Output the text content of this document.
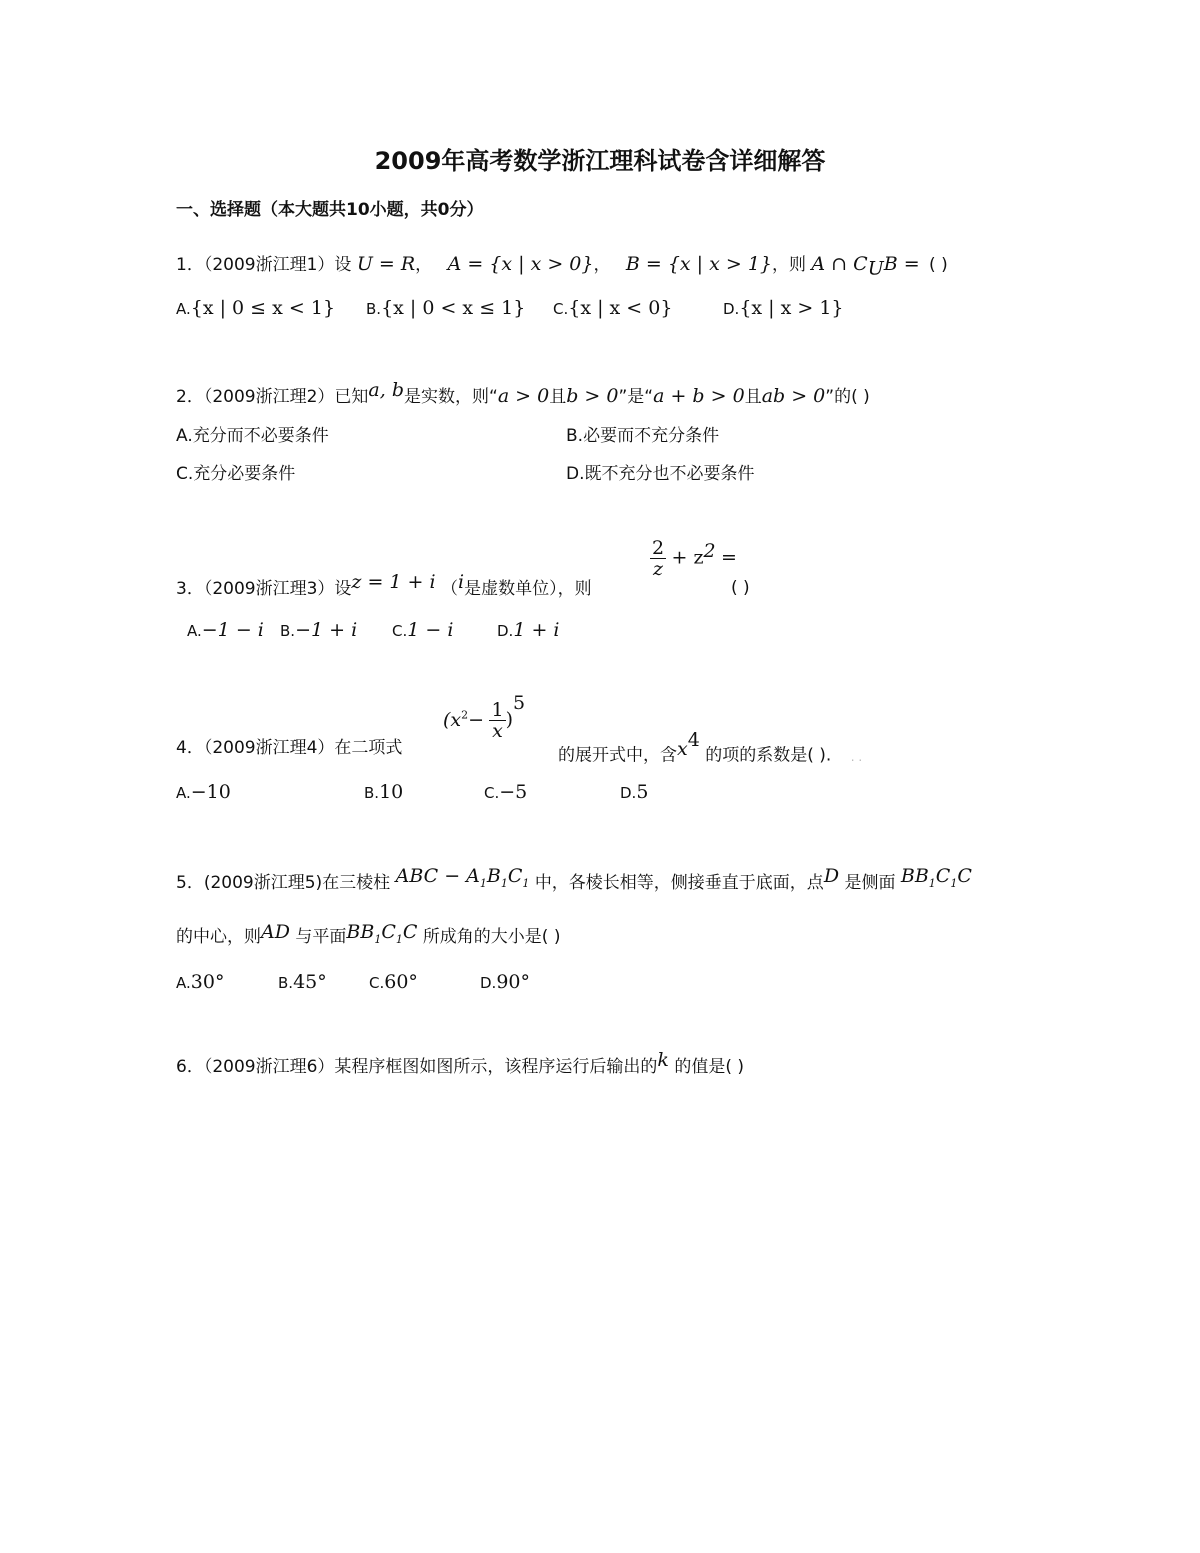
2009年高考数学浙江理科试卷含详细解答
一、选择题（本大题共10小题，共0分）
1．（2009浙江理1）设 U = R， A = {x | x > 0}， B = {x | x > 1}，则 A ∩ $C_UB$ = ( )
A.{x | 0 ≤ x < 1} B.{x | 0 < x ≤ 1} C.{x | x < 0}	D.{x | x > 1}
2．（2009浙江理2）已知a, b是实数，则“a > 0且b > 0”是“a + b > 0且ab > 0”的( )
A.充分而不必要条件	B.必要而不充分条件
C.充分必要条件	D.既不充分也不必要条件
3．（2009浙江理3）设z = 1 + i （i是虚数单位），则
$\frac{2}{z} + z^2$ =
( )
A.−1 − i B.−1 + i C.1 − i	D.1 + i
4．（2009浙江理4）在二项式
$(x^2- \frac{1}{x} )^5$
的展开式中，含$x^4$ 的项的系数是( ). . .
A.−10	B.10	C.−5	D.5
5．(2009浙江理5)在三棱柱 ABC − $A_1B_1C_1$ 中，各棱长相等，侧接垂直于底面，点D 是侧面 $BB_1C_1C$
的中心，则AD 与平面$BB_1C_1C$ 所成角的大小是( )
A.30°	B.45°	C.60°	D.90°
6．（2009浙江理6）某程序框图如图所示，该程序运行后输出的k 的值是( )
